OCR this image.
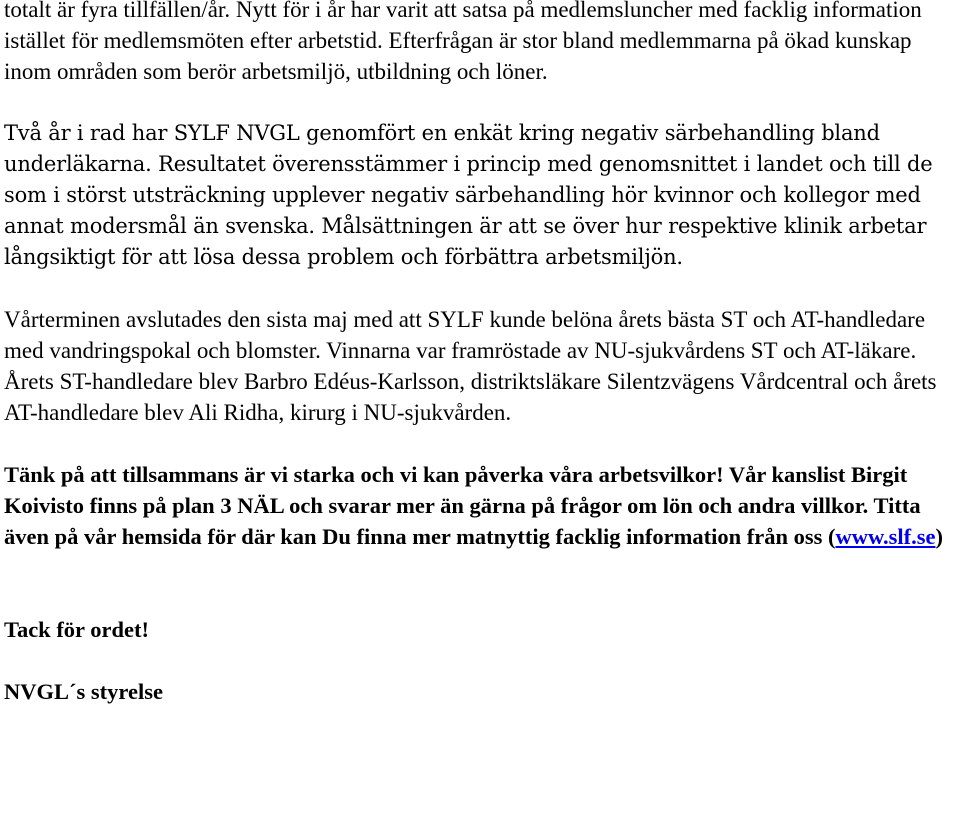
totalt är fyra tillfällen/år. Nytt för i år har varit att satsa på medlemsluncher med facklig information istället för medlemsmöten efter arbetstid. Efterfrågan är stor bland medlemmarna på ökad kunskap inom områden som berör arbetsmiljö, utbildning och löner.

Två år i rad har SYLF NVGL genomfört en enkät kring negativ särbehandling bland underläkarna. Resultatet överensstämmer i princip med genomsnittet i landet och till de som i störst utsträckning upplever negativ särbehandling hör kvinnor och kollegor med annat modersmål än svenska. Målsättningen är att se över hur respektive klinik arbetar långsiktigt för att lösa dessa problem och förbättra arbetsmiljön.

Vårterminen avslutades den sista maj med att SYLF kunde belöna årets bästa ST och AT-handledare med vandringspokal och blomster. Vinnarna var framröstade av NU-sjukvårdens ST och AT-läkare. Årets ST-handledare blev Barbro Edéus-Karlsson, distriktsläkare Silentzvägens Vårdcentral och årets AT-handledare blev Ali Ridha, kirurg i NU-sjukvården.

Tänk på att tillsammans är vi starka och vi kan påverka våra arbetsvilkor! Vår kanslist Birgit Koivisto finns på plan 3 NÄL och svarar mer än gärna på frågor om lön och andra villkor. Titta även på vår hemsida för där kan Du finna mer matnyttig facklig information från oss (www.slf.se)

Tack för ordet!

NVGL´s styrelse
